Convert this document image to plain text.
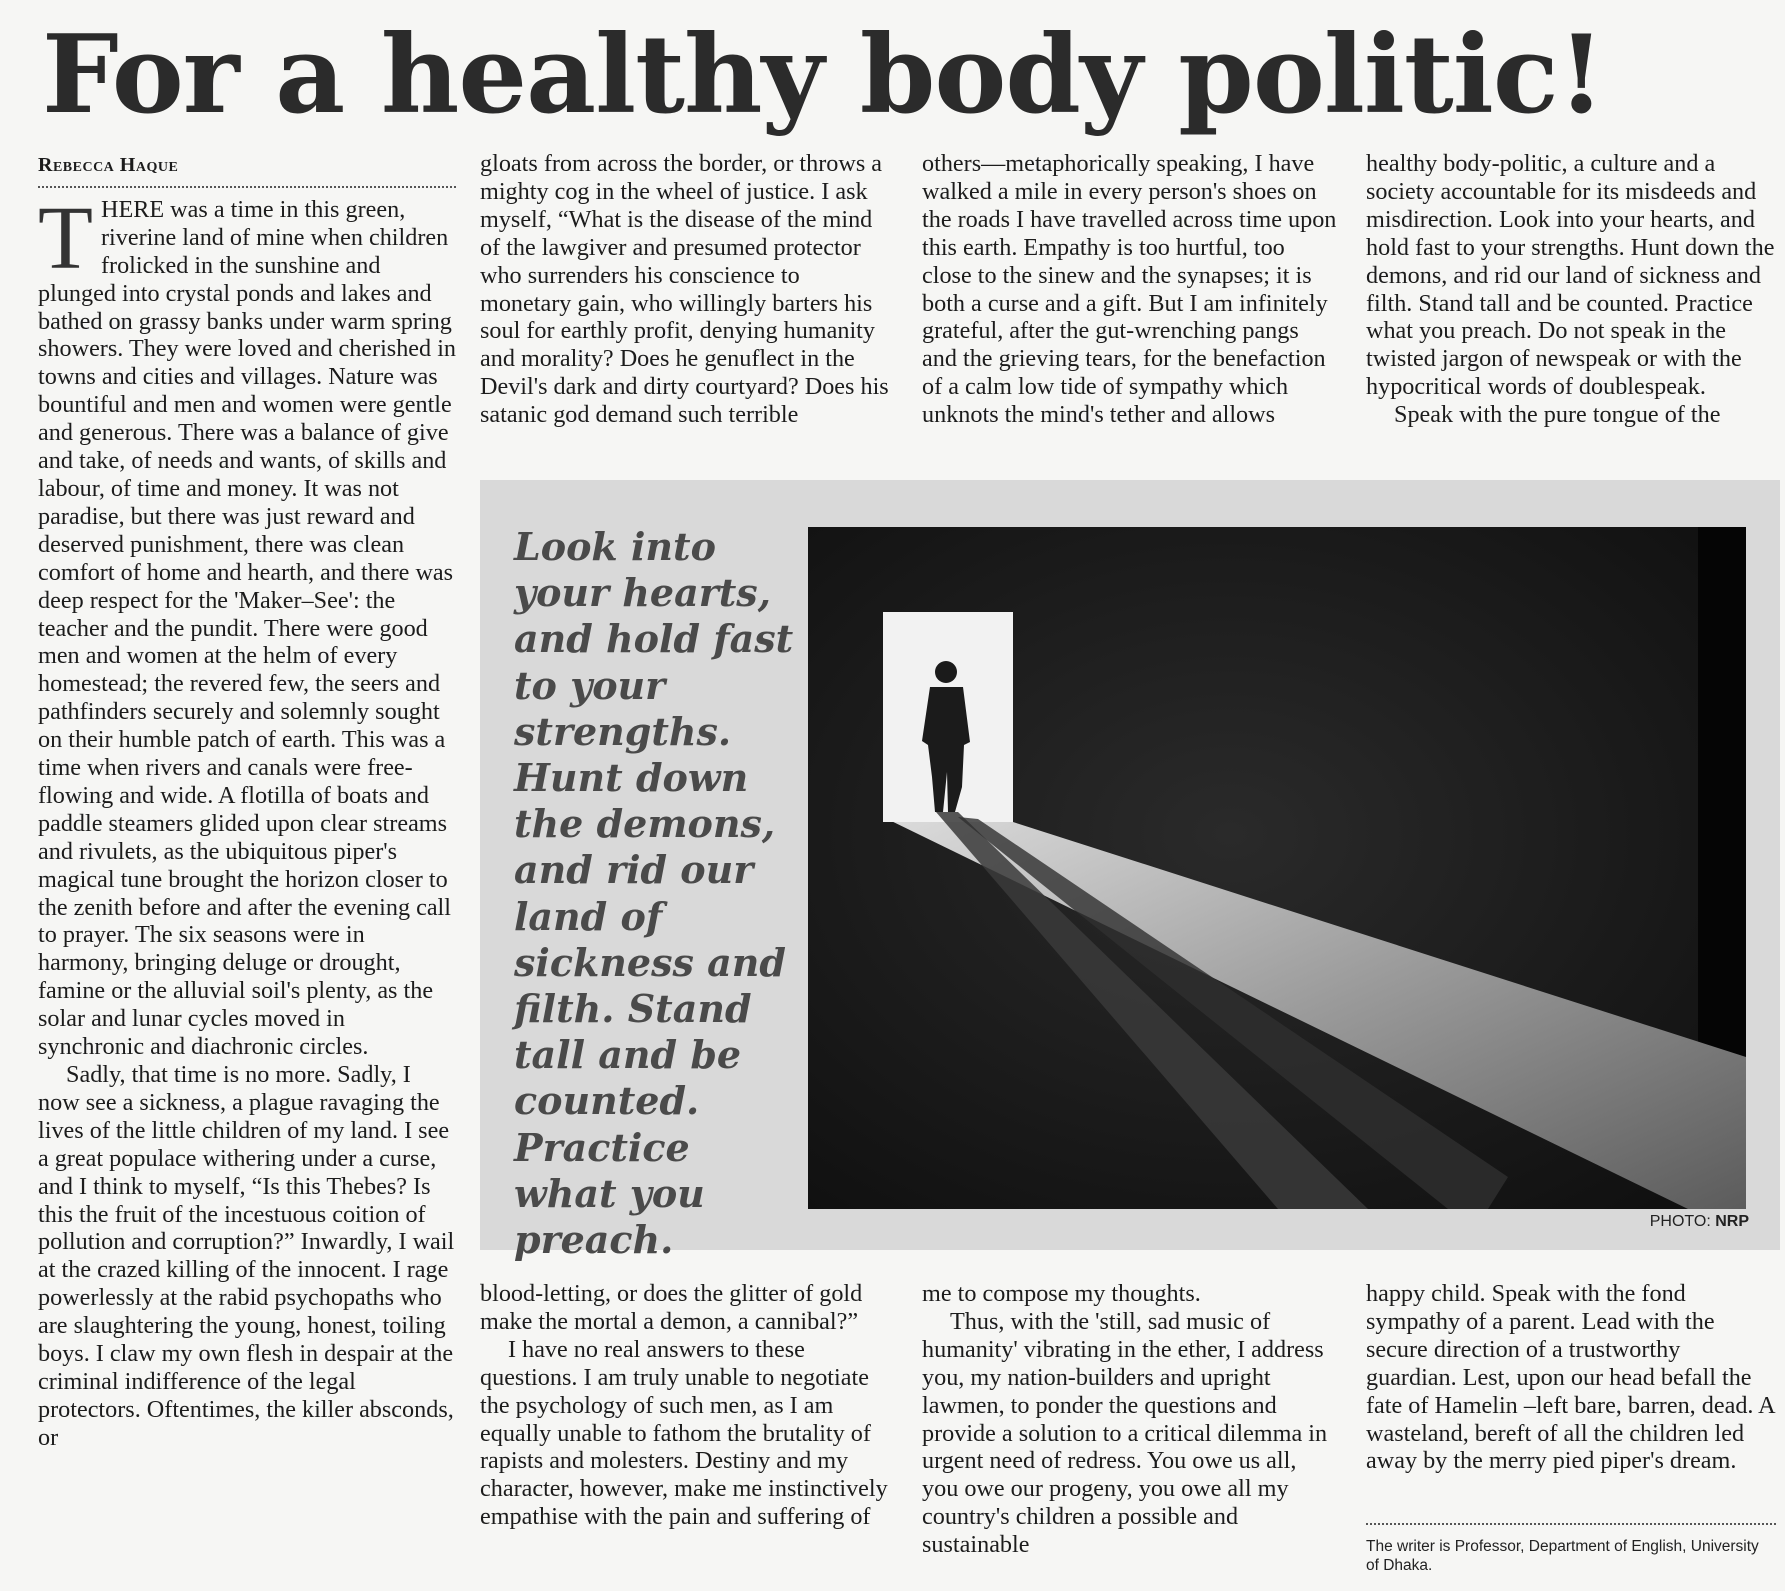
For a healthy body politic!
Rebecca Haque

THERE was a time in this green, riverine land of mine when children frolicked in the sunshine and plunged into crystal ponds and lakes and bathed on grassy banks under warm spring showers. They were loved and cherished in towns and cities and villages. Nature was bountiful and men and women were gentle and generous. There was a balance of give and take, of needs and wants, of skills and labour, of time and money. It was not paradise, but there was just reward and deserved punishment, there was clean comfort of home and hearth, and there was deep respect for the 'Maker–See': the teacher and the pundit. There were good men and women at the helm of every homestead; the revered few, the seers and pathfinders securely and solemnly sought on their humble patch of earth. This was a time when rivers and canals were free-flowing and wide. A flotilla of boats and paddle steamers glided upon clear streams and rivulets, as the ubiquitous piper's magical tune brought the horizon closer to the zenith before and after the evening call to prayer. The six seasons were in harmony, bringing deluge or drought, famine or the alluvial soil's plenty, as the solar and lunar cycles moved in synchronic and diachronic circles.

Sadly, that time is no more. Sadly, I now see a sickness, a plague ravaging the lives of the little children of my land. I see a great populace withering under a curse, and I think to myself, “Is this Thebes? Is this the fruit of the incestuous coition of pollution and corruption?” Inwardly, I wail at the crazed killing of the innocent. I rage powerlessly at the rabid psychopaths who are slaughtering the young, honest, toiling boys. I claw my own flesh in despair at the criminal indifference of the legal protectors. Oftentimes, the killer absconds, or

gloats from across the border, or throws a mighty cog in the wheel of justice. I ask myself, “What is the disease of the mind of the lawgiver and presumed protector who surrenders his conscience to monetary gain, who willingly barters his soul for earthly profit, denying humanity and morality? Does he genuflect in the Devil's dark and dirty courtyard? Does his satanic god demand such terrible

others—metaphorically speaking, I have walked a mile in every person's shoes on the roads I have travelled across time upon this earth. Empathy is too hurtful, too close to the sinew and the synapses; it is both a curse and a gift. But I am infinitely grateful, after the gut-wrenching pangs and the grieving tears, for the benefaction of a calm low tide of sympathy which unknots the mind's tether and allows

healthy body-politic, a culture and a society accountable for its misdeeds and misdirection. Look into your hearts, and hold fast to your strengths. Hunt down the demons, and rid our land of sickness and filth. Stand tall and be counted. Practice what you preach. Do not speak in the twisted jargon of newspeak or with the hypocritical words of doublespeak.

Speak with the pure tongue of the

Look into your hearts, and hold fast to your strengths. Hunt down the demons, and rid our land of sickness and filth. Stand tall and be counted. Practice what you preach.	PHOTO: NRP

blood-letting, or does the glitter of gold make the mortal a demon, a cannibal?”

I have no real answers to these questions. I am truly unable to negotiate the psychology of such men, as I am equally unable to fathom the brutality of rapists and molesters. Destiny and my character, however, make me instinctively empathise with the pain and suffering of

me to compose my thoughts.

Thus, with the 'still, sad music of humanity' vibrating in the ether, I address you, my nation-builders and upright lawmen, to ponder the questions and provide a solution to a critical dilemma in urgent need of redress. You owe us all, you owe our progeny, you owe all my country's children a possible and sustainable

happy child. Speak with the fond sympathy of a parent. Lead with the secure direction of a trustworthy guardian. Lest, upon our head befall the fate of Hamelin –left bare, barren, dead. A wasteland, bereft of all the children led away by the merry pied piper's dream.

The writer is Professor, Department of English, University of Dhaka.
